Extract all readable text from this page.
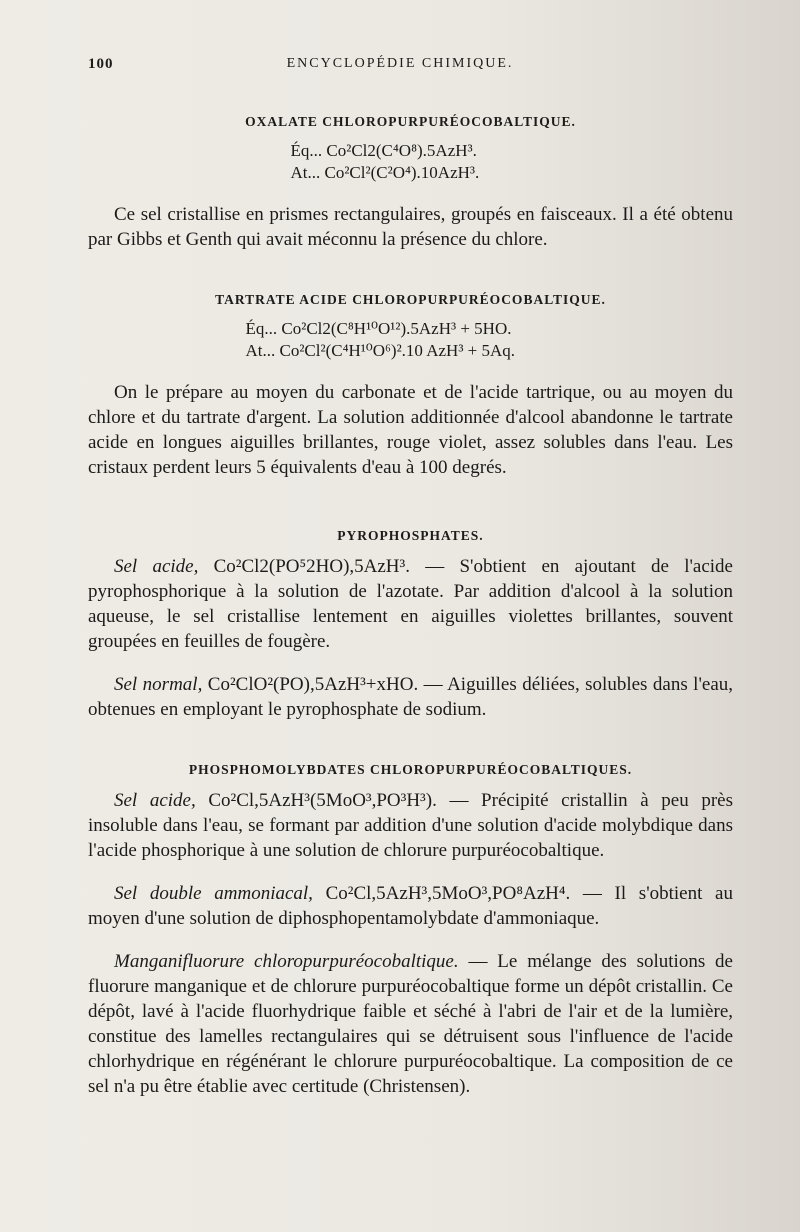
100	ENCYCLOPÉDIE CHIMIQUE.
OXALATE CHLOROPURPURÉOCOBALTIQUE.
Éq... Co²Cl2(C⁴O⁸).5AzH³.
At... Co²Cl²(C²O⁴).10AzH³.

Ce sel cristallise en prismes rectangulaires, groupés en faisceaux. Il a été obtenu par Gibbs et Genth qui avait méconnu la présence du chlore.

TARTRATE ACIDE CHLOROPURPURÉOCOBALTIQUE.
Éq... Co²Cl2(C⁸H¹⁰O¹²).5AzH³ + 5HO.
At... Co²Cl²(C⁴H¹⁰O⁶)².10 AzH³ + 5Aq.

On le prépare au moyen du carbonate et de l'acide tartrique, ou au moyen du chlore et du tartrate d'argent. La solution additionnée d'alcool abandonne le tartrate acide en longues aiguilles brillantes, rouge violet, assez solubles dans l'eau. Les cristaux perdent leurs 5 équivalents d'eau à 100 degrés.

PYROPHOSPHATES.

Sel acide, Co²Cl2(PO⁵2HO),5AzH³. — S'obtient en ajoutant de l'acide pyrophosphorique à la solution de l'azotate. Par addition d'alcool à la solution aqueuse, le sel cristallise lentement en aiguilles violettes brillantes, souvent groupées en feuilles de fougère.

Sel normal, Co²ClO²(PO),5AzH³+xHO. — Aiguilles déliées, solubles dans l'eau, obtenues en employant le pyrophosphate de sodium.

PHOSPHOMOLYBDATES CHLOROPURPURÉOCOBALTIQUES.

Sel acide, Co²Cl,5AzH³(5MoO³,PO³H³). — Précipité cristallin à peu près insoluble dans l'eau, se formant par addition d'une solution d'acide molybdique dans l'acide phosphorique à une solution de chlorure purpuréocobaltique.

Sel double ammoniacal, Co²Cl,5AzH³,5MoO³,PO⁸AzH⁴. — Il s'obtient au moyen d'une solution de diphosphopentamolybdate d'ammoniaque.

Manganifluorure chloropurpuréocobaltique. — Le mélange des solutions de fluorure manganique et de chlorure purpuréocobaltique forme un dépôt cristallin. Ce dépôt, lavé à l'acide fluorhydrique faible et séché à l'abri de l'air et de la lumière, constitue des lamelles rectangulaires qui se détruisent sous l'influence de l'acide chlorhydrique en régénérant le chlorure purpuréocobaltique. La composition de ce sel n'a pu être établie avec certitude (Christensen).
